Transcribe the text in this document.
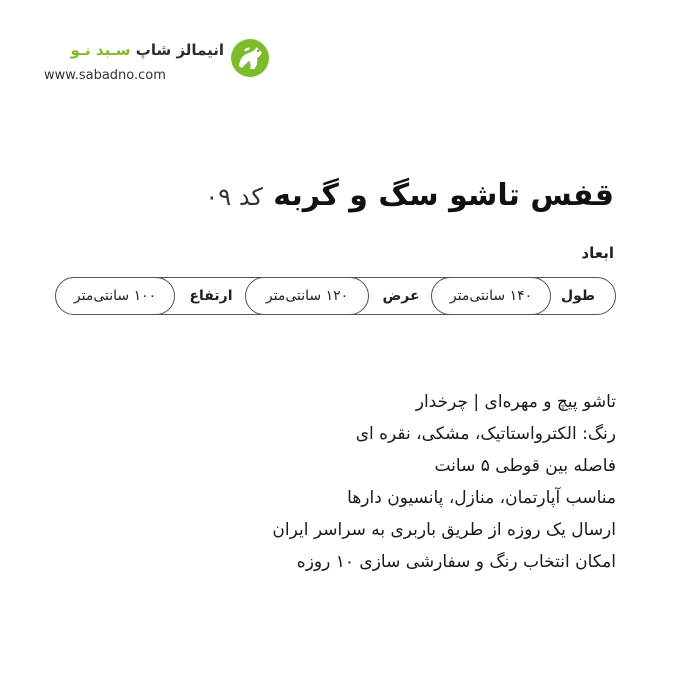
انیمالز شاپ سـبد نـو
www.sabadno.com
قفس تاشو سگ و گربه کد ۰۹
ابعاد
طول
۱۴۰ سانتی‌متر
عرض
۱۲۰ سانتی‌متر
ارتفاع
۱۰۰ سانتی‌متر
تاشو پیچ و مهره‌ای | چرخدار
رنگ: الکترواستاتیک، مشکی، نقره ای
فاصله بین قوطی ۵ سانت
مناسب آپارتمان، منازل، پانسیون دارها
ارسال یک روزه از طریق باربری به سراسر ایران
امکان انتخاب رنگ و سفارشی سازی ۱۰ روزه
